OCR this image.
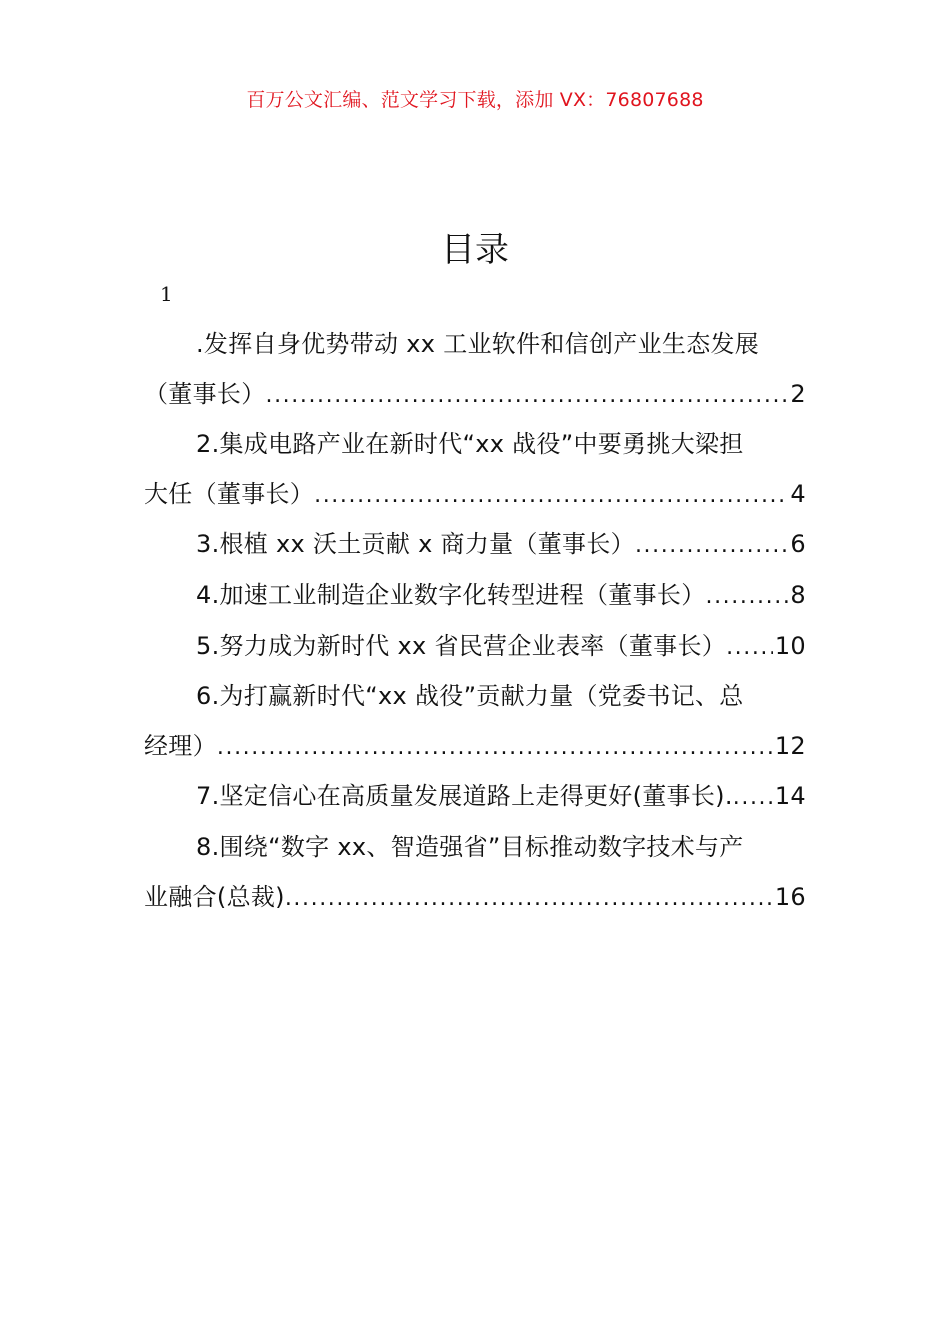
百万公文汇编、范文学习下载，添加 VX：76807688
目录
1
.发挥自身优势带动 xx 工业软件和信创产业生态发展
（董事长） .....	2
2.集成电路产业在新时代“xx 战役”中要勇挑大梁担
大任（董事长） .....	4
3.根植 xx 沃土贡献 x 商力量（董事长） .....	6
4.加速工业制造企业数字化转型进程（董事长） .....	8
5.努力成为新时代 xx 省民营企业表率（董事长） ..... 10
6.为打赢新时代“xx 战役”贡献力量（党委书记、总
经理） .....	12
7.坚定信心在高质量发展道路上走得更好(董事长). ..... 14
8.围绕“数字 xx、智造强省”目标推动数字技术与产
业融合(总裁) .....	16
